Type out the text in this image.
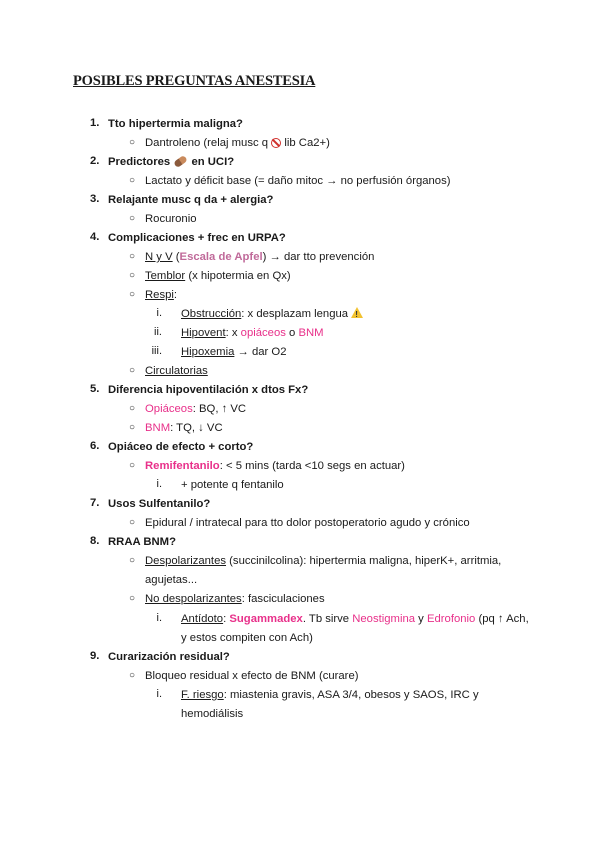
POSIBLES PREGUNTAS ANESTESIA
1. Tto hipertermia maligna?
○ Dantroleno (relaj musc q  lib Ca2+)
2. Predictores  en UCI?
○ Lactato y déficit base (= daño mitoc → no perfusión órganos)
3. Relajante musc q da + alergia?
○ Rocuronio
4. Complicaciones + frec en URPA?
○ N y V (Escala de Apfel) → dar tto prevención
○ Temblor (x hipotermia en Qx)
○ Respi:
i. Obstrucción: x desplazam lengua !
ii. Hipovent: x opiáceos o BNM
iii. Hipoxemia → dar O2
○ Circulatorias
5. Diferencia hipoventilación x dtos Fx?
○ Opiáceos: BQ, ↑ VC
○ BNM: TQ, ↓ VC
6. Opiáceo de efecto + corto?
○ Remifentanilo: < 5 mins (tarda <10 segs en actuar)
i. + potente q fentanilo
7. Usos Sulfentanilo?
○ Epidural / intratecal para tto dolor postoperatorio agudo y crónico
8. RRAA BNM?
○ Despolarizantes (succinilcolina): hipertermia maligna, hiperK+, arritmia,
agujetas...
○ No despolarizantes: fasciculaciones
i. Antídoto: Sugammadex. Tb sirve Neostigmina y Edrofonio (pq ↑ Ach,
y estos compiten con Ach)
9. Curarización residual?
○ Bloqueo residual x efecto de BNM (curare)
i. F. riesgo: miastenia gravis, ASA 3/4, obesos y SAOS, IRC y
hemodiálisis
